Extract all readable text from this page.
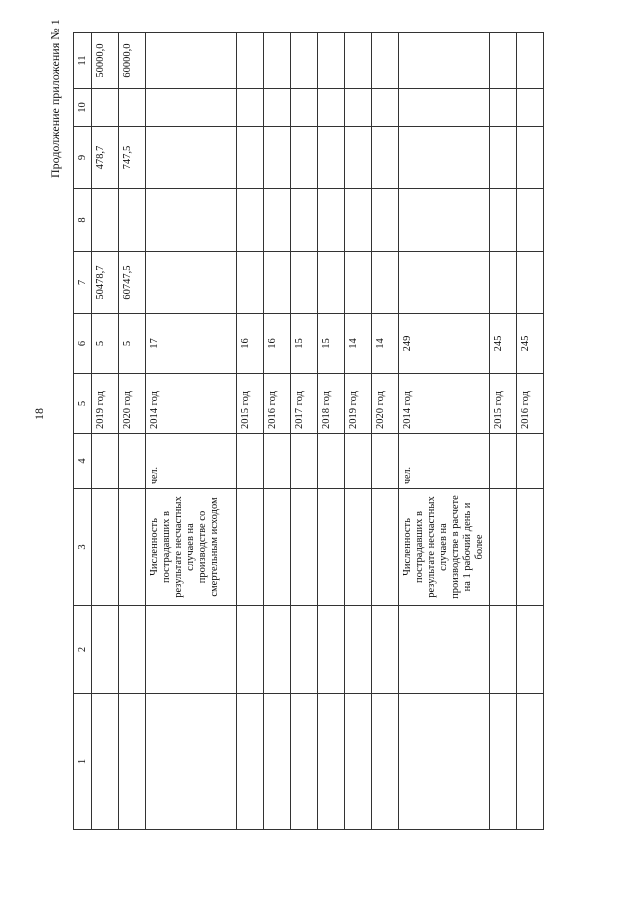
18
Продолжение приложения № 1
1	2	3	4	5	6	7	8	9	10	11
				2019 год	5	50478,7		478,7		50000,0
				2020 год	5	60747,5		747,5		60000,0
		Численность пострадавших в результате несчастных случаев на производстве со смертельным исходом	чел.	2014 год	17					
				2015 год	16					
				2016 год	16					
				2017 год	15					
				2018 год	15					
				2019 год	14					
				2020 год	14					
		Численность пострадавших в результате несчастных случаев на производстве в расчете на 1 рабочий день и более	чел.	2014 год	249					
				2015 год	245					
				2016 год	245					
